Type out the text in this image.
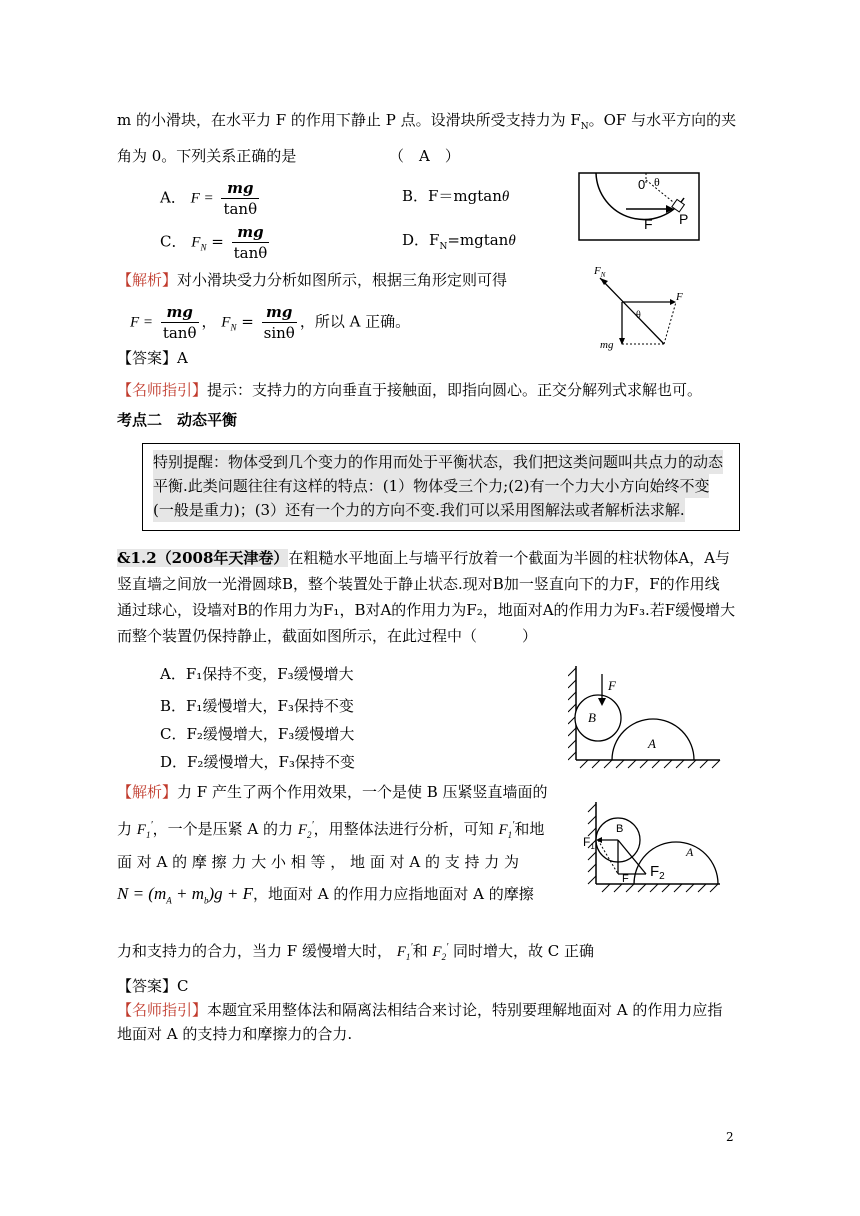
m 的小滑块，在水平力 F 的作用下静止 P 点。设滑块所受支持力为 $F_N$。OF 与水平方向的夹
角为 0。下列关系正确的是	（　A　）
A． $F = \frac{mg}{\tan\theta}$	B．F＝mgtanθ
C． $F_N = \frac{mg}{\tan\theta}$	D．$F_N=mgtan\theta$
0 θ
F P
【解析】对小滑块受力分析如图所示，根据三角形定则可得
$F = \frac{mg}{\tan\theta}$ ， $F_N = \frac{mg}{\sin\theta}$ ，所以 A 正确。
$F_N$
F
θ
mg
【答案】A
【名师指引】提示：支持力的方向垂直于接触面，即指向圆心。正交分解列式求解也可。
考点二　动态平衡
特别提醒：物体受到几个变力的作用而处于平衡状态，我们把这类问题叫共点力的动态
平衡.此类问题往往有这样的特点：(1）物体受三个力;(2)有一个力大小方向始终不变
(一般是重力)；(3）还有一个力的方向不变.我们可以采用图解法或者解析法求解.
&1.2（2008年天津卷）在粗糙水平地面上与墙平行放着一个截面为半圆的柱状物体A，A与
竖直墙之间放一光滑圆球B，整个装置处于静止状态.现对B加一竖直向下的力F，F的作用线
通过球心，设墙对B的作用力为F₁，B对A的作用力为F₂，地面对A的作用力为F₃.若F缓慢增大
而整个装置仍保持静止，截面如图所示，在此过程中（　　　）
A．F₁保持不变，F₃缓慢增大
B．F₁缓慢增大，F₃保持不变
C．F₂缓慢增大，F₃缓慢增大
D．F₂缓慢增大，F₃保持不变
F
B
A
【解析】力 F 产生了两个作用效果，一个是使 B 压紧竖直墙面的
力 $F_1'$，一个是压紧 A 的力 $F_2'$，用整体法进行分析，可知 $F_1'$和地
面 对 A 的 摩 擦 力 大 小 相 等 ， 地 面 对 A 的 支 持 力 为
$N = (m_A + m_b)g + F$，地面对 A 的作用力应指地面对 A 的摩擦
B
A
$F_1$
$F_2$
F
力和支持力的合力，当力 F 缓慢增大时， $F_1'$和 $F_2'$ 同时增大，故 C 正确
【答案】C
【名师指引】本题宜采用整体法和隔离法相结合来讨论，特别要理解地面对 A 的作用力应指
地面对 A 的支持力和摩擦力的合力.
2
